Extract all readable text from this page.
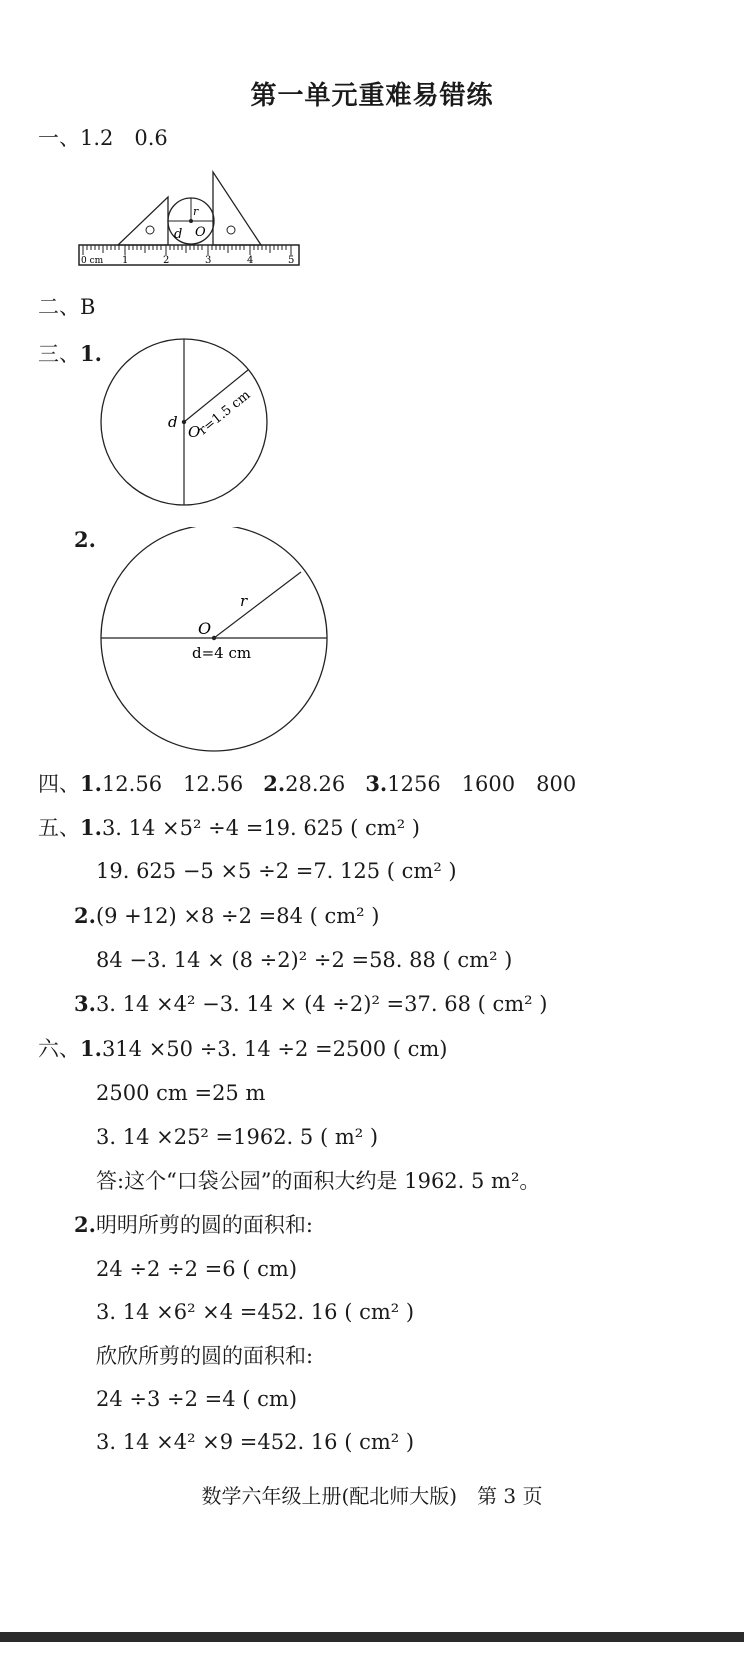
第一单元重难易错练
一、1.2　0.6
0 cm 1	2	3	4	5
r
d O
二、B
三、1.
d
O
r=1.5 cm
2.
O
r
d=4 cm
四、1.12.56　12.56 2.28.26 3.1256　1600　800
五、1.3. 14 ×5² ÷4 =19. 625 ( cm² )
19. 625 −5 ×5 ÷2 =7. 125 ( cm² )
2.(9 +12) ×8 ÷2 =84 ( cm² )
84 −3. 14 × (8 ÷2)² ÷2 =58. 88 ( cm² )
3.3. 14 ×4² −3. 14 × (4 ÷2)² =37. 68 ( cm² )
六、1.314 ×50 ÷3. 14 ÷2 =2500 ( cm)
2500 cm =25 m
3. 14 ×25² =1962. 5 ( m² )
答:这个“口袋公园”的面积大约是 1962. 5 m²。
2.明明所剪的圆的面积和:
24 ÷2 ÷2 =6 ( cm)
3. 14 ×6² ×4 =452. 16 ( cm² )
欣欣所剪的圆的面积和:
24 ÷3 ÷2 =4 ( cm)
3. 14 ×4² ×9 =452. 16 ( cm² )
数学六年级上册(配北师大版)　第 3 页
